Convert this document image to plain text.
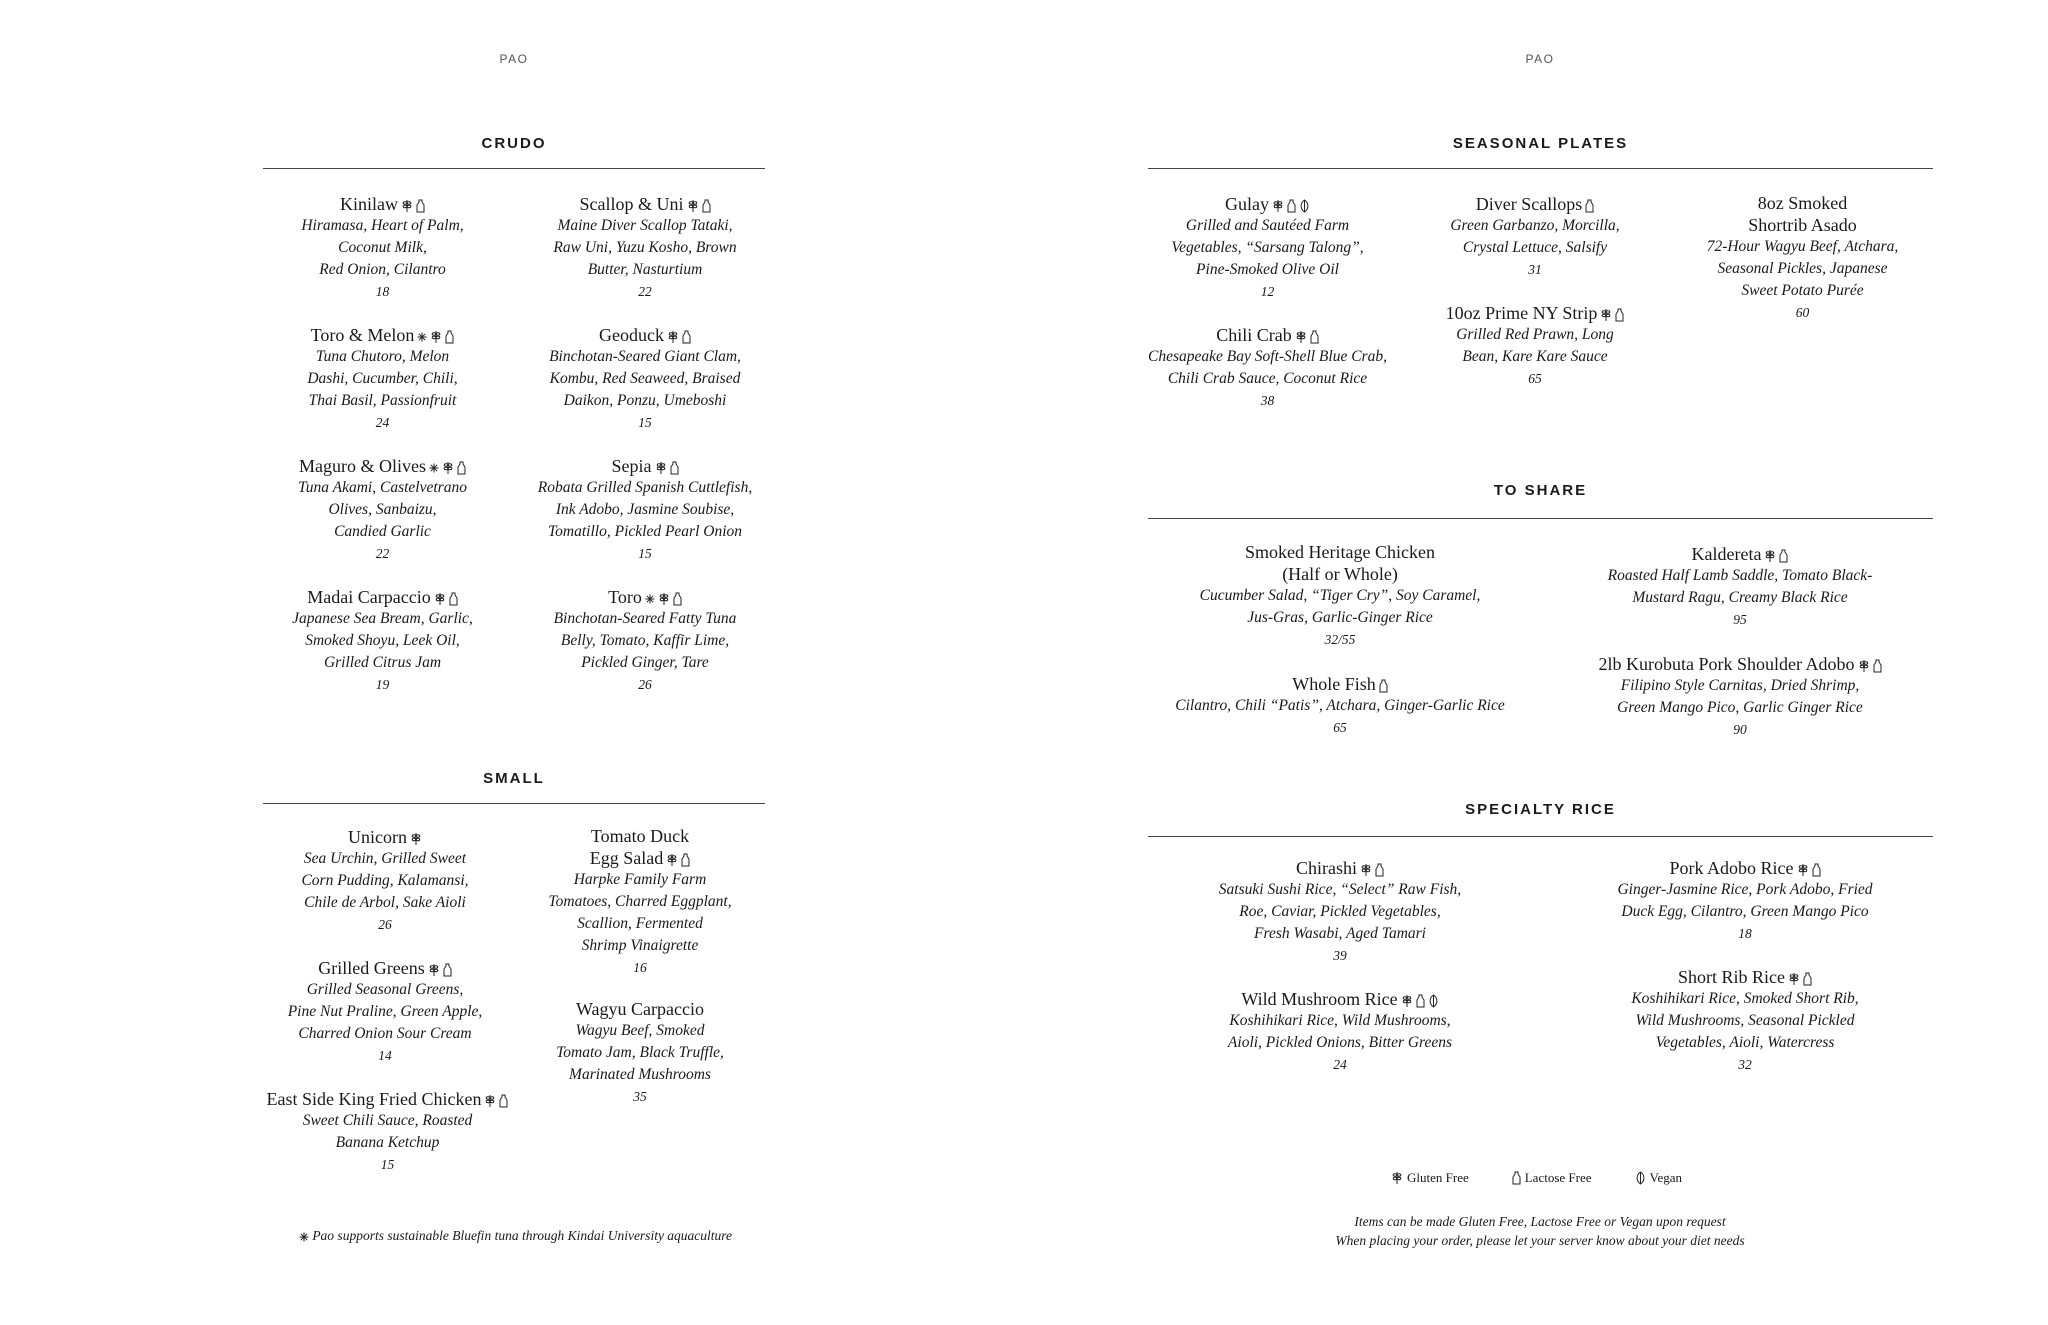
PAO	PAO
CRUDO
SMALL
SEASONAL PLATES
TO SHARE
SPECIALTY RICE
Kinilaw
Hiramasa, Heart of Palm,
Coconut Milk,
Red Onion, Cilantro
18
Scallop & Uni
Maine Diver Scallop Tataki,
Raw Uni, Yuzu Kosho, Brown
Butter, Nasturtium
22
Toro & Melon
Tuna Chutoro, Melon
Dashi, Cucumber, Chili,
Thai Basil, Passionfruit
24
Geoduck
Binchotan-Seared Giant Clam,
Kombu, Red Seaweed, Braised
Daikon, Ponzu, Umeboshi
15
Maguro & Olives
Tuna Akami, Castelvetrano
Olives, Sanbaizu,
Candied Garlic
22
Sepia
Robata Grilled Spanish Cuttlefish,
Ink Adobo, Jasmine Soubise,
Tomatillo, Pickled Pearl Onion
15
Madai Carpaccio
Japanese Sea Bream, Garlic,
Smoked Shoyu, Leek Oil,
Grilled Citrus Jam
19
Toro
Binchotan-Seared Fatty Tuna
Belly, Tomato, Kaffir Lime,
Pickled Ginger, Tare
26
Unicorn
Sea Urchin, Grilled Sweet
Corn Pudding, Kalamansi,
Chile de Arbol, Sake Aioli
26
Tomato Duck
Egg Salad
Harpke Family Farm
Tomatoes, Charred Eggplant,
Scallion, Fermented
Shrimp Vinaigrette
16
Grilled Greens
Grilled Seasonal Greens,
Pine Nut Praline, Green Apple,
Charred Onion Sour Cream
14
Wagyu Carpaccio
Wagyu Beef, Smoked
Tomato Jam, Black Truffle,
Marinated Mushrooms
35
East Side King Fried Chicken
Sweet Chili Sauce, Roasted
Banana Ketchup
15
Gulay
Grilled and Sautéed Farm
Vegetables, “Sarsang Talong”,
Pine-Smoked Olive Oil
12
Diver Scallops
Green Garbanzo, Morcilla,
Crystal Lettuce, Salsify
31
8oz Smoked
Shortrib Asado
72-Hour Wagyu Beef, Atchara,
Seasonal Pickles, Japanese
Sweet Potato Purée
60
Chili Crab
Chesapeake Bay Soft-Shell Blue Crab,
Chili Crab Sauce, Coconut Rice
38
10oz Prime NY Strip
Grilled Red Prawn, Long
Bean, Kare Kare Sauce
65
Smoked Heritage Chicken
(Half or Whole)
Cucumber Salad, “Tiger Cry”, Soy Caramel,
Jus-Gras, Garlic-Ginger Rice
32/55
Kaldereta
Roasted Half Lamb Saddle, Tomato Black-
Mustard Ragu, Creamy Black Rice
95
Whole Fish
Cilantro, Chili “Patis”, Atchara, Ginger-Garlic Rice
65
2lb Kurobuta Pork Shoulder Adobo
Filipino Style Carnitas, Dried Shrimp,
Green Mango Pico, Garlic Ginger Rice
90
Chirashi
Satsuki Sushi Rice, “Select” Raw Fish,
Roe, Caviar, Pickled Vegetables,
Fresh Wasabi, Aged Tamari
39
Pork Adobo Rice
Ginger-Jasmine Rice, Pork Adobo, Fried
Duck Egg, Cilantro, Green Mango Pico
18
Wild Mushroom Rice
Koshihikari Rice, Wild Mushrooms,
Aioli, Pickled Onions, Bitter Greens
24
Short Rib Rice
Koshihikari Rice, Smoked Short Rib,
Wild Mushrooms, Seasonal Pickled
Vegetables, Aioli, Watercress
32
Gluten Free	Lactose Free	Vegan
Pao supports sustainable Bluefin tuna through Kindai University aquaculture
Items can be made Gluten Free, Lactose Free or Vegan upon request
When placing your order, please let your server know about your diet needs
